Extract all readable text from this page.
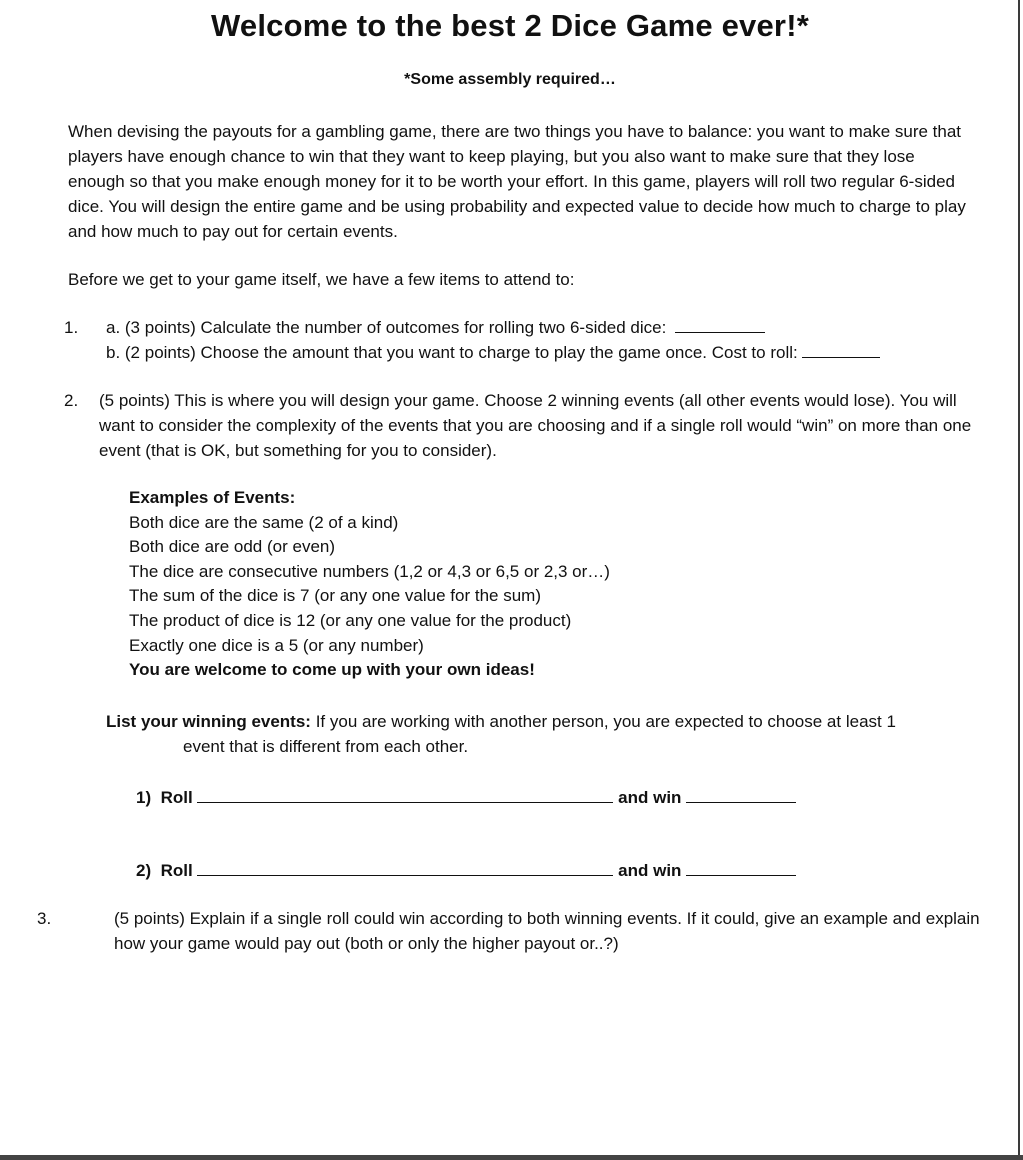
Welcome to the best 2 Dice Game ever!*
*Some assembly required…

When devising the payouts for a gambling game, there are two things you have to balance: you want to make sure that players have enough chance to win that they want to keep playing, but you also want to make sure that they lose enough so that you make enough money for it to be worth your effort. In this game, players will roll two regular 6-sided dice. You will design the entire game and be using probability and expected value to decide how much to charge to play and how much to pay out for certain events.

Before we get to your game itself, we have a few items to attend to:

1. a. (3 points) Calculate the number of outcomes for rolling two 6-sided dice:
b. (2 points) Choose the amount that you want to charge to play the game once. Cost to roll:
2. (5 points) This is where you will design your game. Choose 2 winning events (all other events would lose). You will want to consider the complexity of the events that you are choosing and if a single roll would “win” on more than one event (that is OK, but something for you to consider).

Examples of Events:
Both dice are the same (2 of a kind)
Both dice are odd (or even)
The dice are consecutive numbers (1,2 or 4,3 or 6,5 or 2,3 or…)
The sum of the dice is 7 (or any one value for the sum)
The product of dice is 12 (or any one value for the product)
Exactly one dice is a 5 (or any number)
You are welcome to come up with your own ideas!
List your winning events: If you are working with another person, you are expected to choose at least 1
event that is different from each other.
1) Roll	and win
2) Roll	and win
3.	(5 points) Explain if a single roll could win according to both winning events. If it could, give an example and explain how your game would pay out (both or only the higher payout or..?)
